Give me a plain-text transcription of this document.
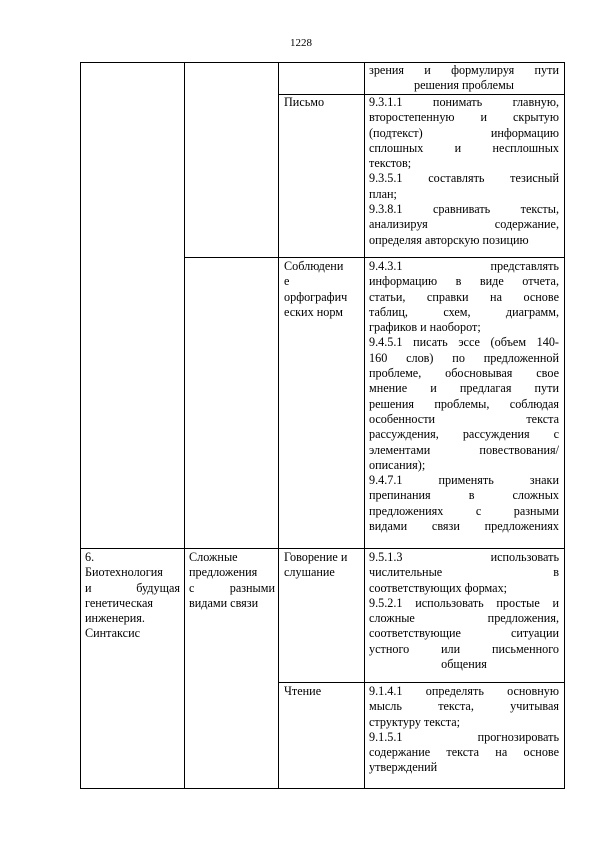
1228

зрения и формулируя пути

решения проблемы

Письмо	9.3.1.1 понимать главную,

второстепенную и скрытую

(подтекст) информацию

сплошных и несплошных

текстов;

9.3.5.1 составлять тезисный

план;

9.3.8.1 сравнивать тексты,

анализируя содержание,

определяя авторскую позицию

Соблюдени

е

орфографич

еских норм

9.4.3.1 представлять

информацию в виде отчета,

статьи, справки на основе

таблиц, схем, диаграмм,

графиков и наоборот;

9.4.5.1 писать эссе (объем 140-

160 слов) по предложенной

проблеме, обосновывая свое

мнение и предлагая пути

решения проблемы, соблюдая

особенности текста

рассуждения, рассуждения с

элементами повествования/

описания);

9.4.7.1 применять знаки

препинания в сложных

предложениях с разными

видами связи предложениях

6.

Биотехнология

и будущая

генетическая

инженерия.

Синтаксис

Сложные

предложения

с разными

видами связи

Говорение и

слушание

9.5.1.3 использовать

числительные в

соответствующих формах;

9.5.2.1 использовать простые и

сложные предложения,

соответствующие ситуации

устного или письменного

общения

Чтение	9.1.4.1 определять основную

мысль текста, учитывая

структуру текста;

9.1.5.1 прогнозировать

содержание текста на основе

утверждений
